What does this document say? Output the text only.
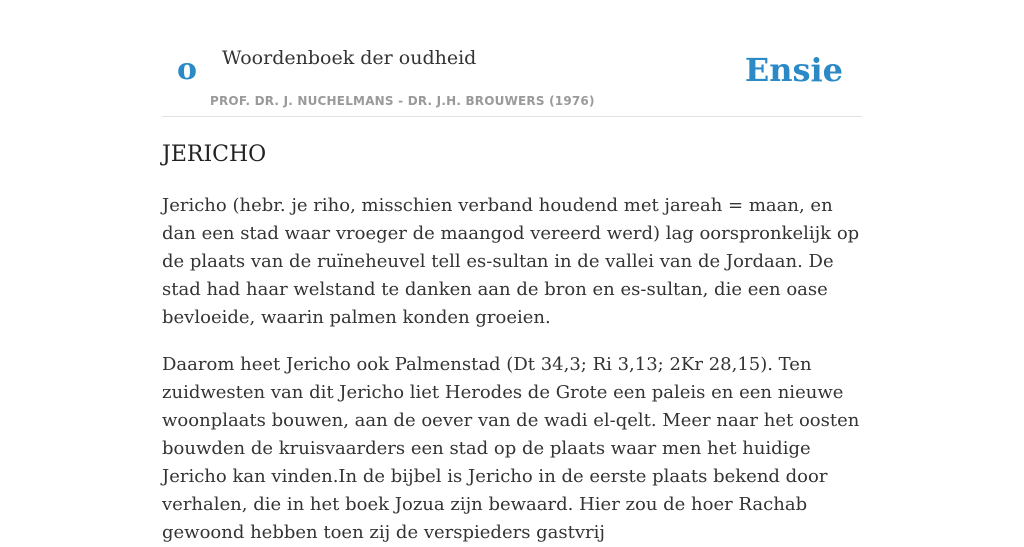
o Woordenboek der oudheid
PROF. DR. J. NUCHELMANS - DR. J.H. BROUWERS (1976)
Ensie
JERICHO

Jericho (hebr. je riho, misschien verband houdend met jareah = maan, en dan een stad waar vroeger de maangod vereerd werd) lag oorspronkelijk op de plaats van de ruïneheuvel tell es-sultan in de vallei van de Jordaan. De stad had haar welstand te danken aan de bron en es-sultan, die een oase bevloeide, waarin palmen konden groeien.

Daarom heet Jericho ook Palmenstad (Dt 34,3; Ri 3,13; 2Kr 28,15). Ten zuidwesten van dit Jericho liet Herodes de Grote een paleis en een nieuwe woonplaats bouwen, aan de oever van de wadi el-qelt. Meer naar het oosten bouwden de kruisvaarders een stad op de plaats waar men het huidige Jericho kan vinden.In de bijbel is Jericho in de eerste plaats bekend door verhalen, die in het boek Jozua zijn bewaard. Hier zou de hoer Rachab gewoond hebben toen zij de verspieders gastvrij
